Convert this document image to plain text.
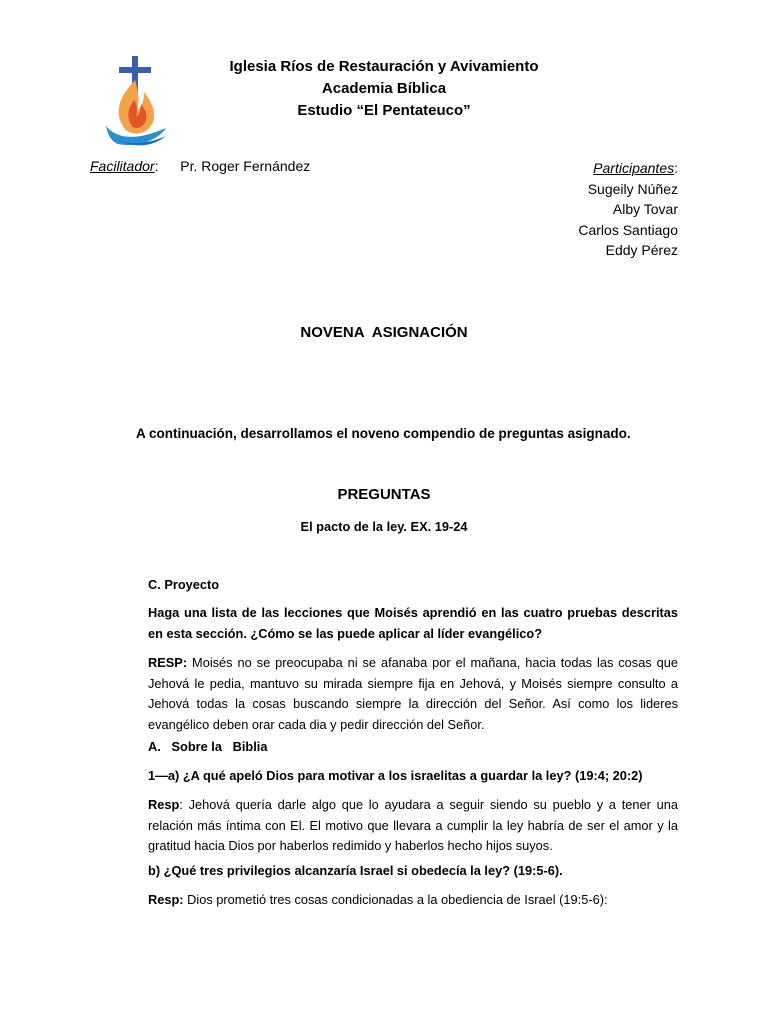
Iglesia Ríos de Restauración y Avivamiento
Academia Bíblica
Estudio “El Pentateuco”
Facilitador: Pr. Roger Fernández	Participantes:
Sugeily Núñez
Alby Tovar
Carlos Santiago
Eddy Pérez
NOVENA  ASIGNACIÓN
A continuación, desarrollamos el noveno compendio de preguntas asignado.
PREGUNTAS
El pacto de la ley. EX. 19-24
C. Proyecto
Haga una lista de las lecciones que Moisés aprendió en las cuatro pruebas descritas en esta sección. ¿Cómo se las puede aplicar al líder evangélico?
RESP: Moisés no se preocupaba ni se afanaba por el mañana, hacia todas las cosas que Jehová le pedia, mantuvo su mirada siempre fija en Jehová, y Moisés siempre consulto a Jehová todas la cosas buscando siempre la dirección del Señor. Así como los lideres evangélico deben orar cada dia y pedir dirección del Señor.
A.   Sobre la   Biblia
1—a) ¿A qué apeló Dios para motivar a los israelitas a guardar la ley? (19:4; 20:2)
Resp: Jehová quería darle algo que lo ayudara a seguir siendo su pueblo y a tener una relación más íntima con El. El motivo que llevara a cumplir la ley habría de ser el amor y la gratitud hacia Dios por haberlos redimido y haberlos hecho hijos suyos.
b) ¿Qué tres privilegios alcanzaría Israel si obedecía la ley? (19:5-6).
Resp: Dios prometió tres cosas condicionadas a la obediencia de Israel (19:5-6):
